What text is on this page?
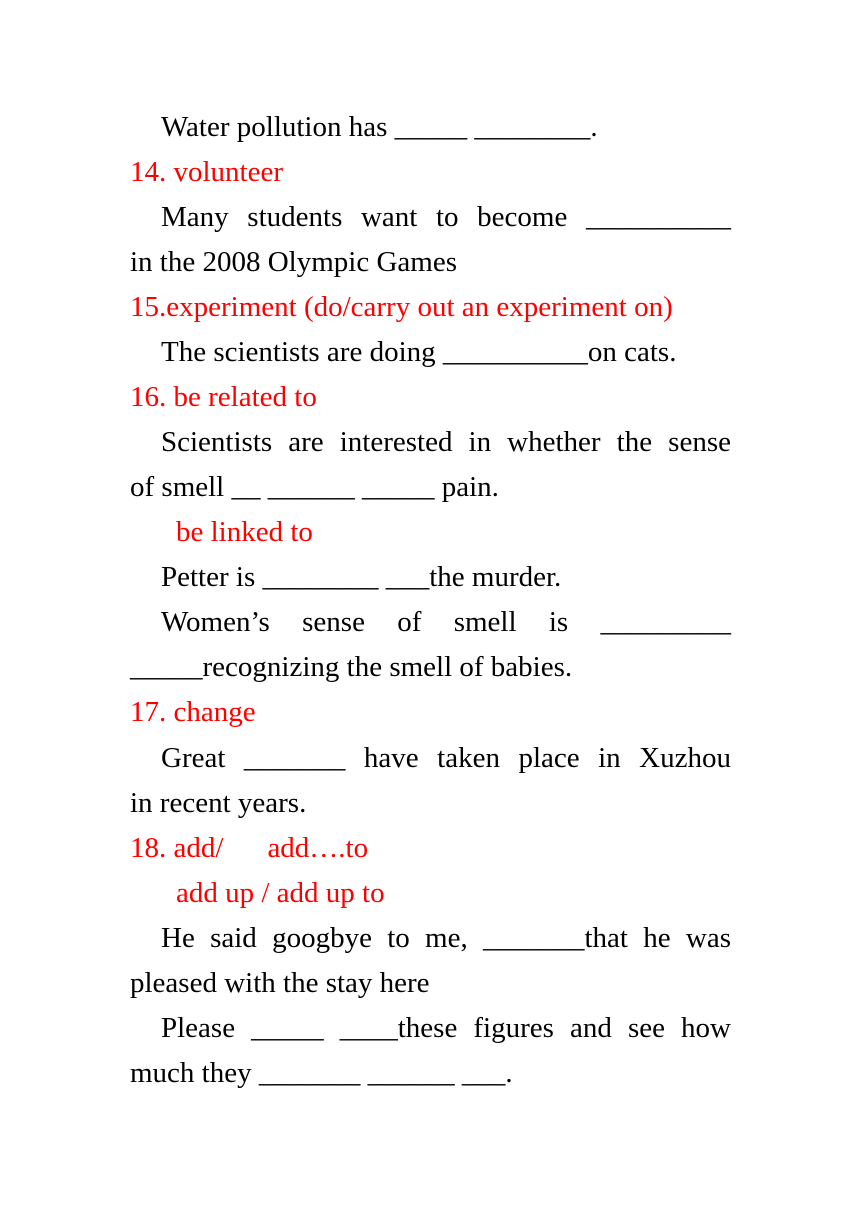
Water pollution has _____ ________.
14. volunteer
Many students want to become __________
in the 2008 Olympic Games
15.experiment (do/carry out an experiment on)
The scientists are doing __________on cats.
16. be related to
Scientists are interested in whether the sense
of smell __ ______ _____ pain.
be linked to
Petter is ________ ___the murder.
Women’s sense of smell is _________
_____recognizing the smell of babies.
17. change
Great _______ have taken place in Xuzhou
in recent years.
18. add/ add….to
add up / add up to
He said googbye to me, _______that he was
pleased with the stay here
Please _____ ____these figures and see how
much they _______ ______ ___.
